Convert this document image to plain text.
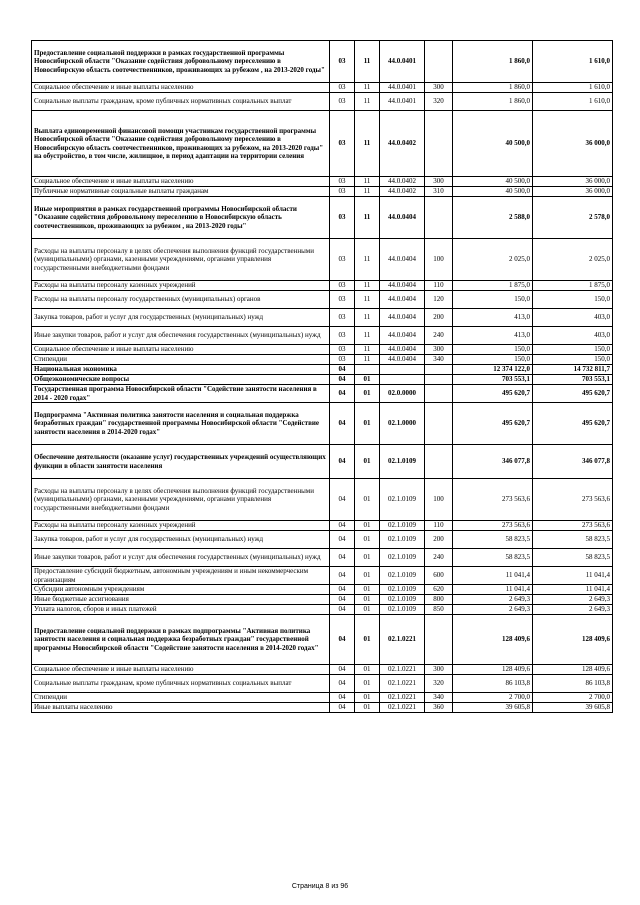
Предоставление социальной поддержки в рамках государственной программы Новосибирской области "Оказание содействия добровольному переселению в Новосибирскую область соотечественников, проживающих за рубежом , на 2013-2020 годы"	03	11	44.0.0401		1 860,0	1 610,0
Социальное обеспечение и иные выплаты населению	03	11	44.0.0401	300	1 860,0	1 610,0
Социальные выплаты гражданам, кроме публичных нормативных социальных выплат	03	11	44.0.0401	320	1 860,0	1 610,0
Выплата единовременной финансовой помощи участникам государственной программы Новосибирской области "Оказание содействия добровольному переселению в Новосибирскую область соотечественников, проживающих за рубежом, на 2013-2020 годы" на обустройство, в том числе, жилищное, в период адаптации на территории селения	03	11	44.0.0402		40 500,0	36 000,0
Социальное обеспечение и иные выплаты населению	03	11	44.0.0402	300	40 500,0	36 000,0
Публичные нормативные социальные выплаты гражданам	03	11	44.0.0402	310	40 500,0	36 000,0
Иные мероприятия в рамках государственной программы Новосибирской области "Оказание содействия добровольному переселению в Новосибирскую область соотечественников, проживающих за рубежом , на 2013-2020 годы"	03	11	44.0.0404		2 588,0	2 578,0
Расходы на выплаты персоналу в целях обеспечения выполнения функций государственными (муниципальными) органами, казенными учреждениями, органами управления государственными внебюджетными фондами	03	11	44.0.0404	100	2 025,0	2 025,0
Расходы на выплаты персоналу казенных учреждений	03	11	44.0.0404	110	1 875,0	1 875,0
Расходы на выплаты персоналу государственных (муниципальных) органов	03	11	44.0.0404	120	150,0	150,0
Закупка товаров, работ и услуг для государственных (муниципальных) нужд	03	11	44.0.0404	200	413,0	403,0
Иные закупки товаров, работ и услуг для обеспечения государственных (муниципальных) нужд	03	11	44.0.0404	240	413,0	403,0
Социальное обеспечение и иные выплаты населению	03	11	44.0.0404	300	150,0	150,0
Стипендии	03	11	44.0.0404	340	150,0	150,0
Национальная экономика	04				12 374 122,0	14 732 811,7
Общеэкономические вопросы	04	01			703 553,1	703 553,1
Государственная программа Новосибирской области "Содействие занятости населения в 2014 - 2020 годах"	04	01	02.0.0000		495 620,7	495 620,7
Подпрограмма "Активная политика занятости населения и социальная поддержка безработных граждан" государственной программы Новосибирской области "Содействие занятости населения в 2014-2020 годах"	04	01	02.1.0000		495 620,7	495 620,7
Обеспечение деятельности (оказание услуг) государственных учреждений осуществляющих функции в области занятости населения	04	01	02.1.0109		346 077,8	346 077,8
Расходы на выплаты персоналу в целях обеспечения выполнения функций государственными (муниципальными) органами, казенными учреждениями, органами управления государственными внебюджетными фондами	04	01	02.1.0109	100	273 563,6	273 563,6
Расходы на выплаты персоналу казенных учреждений	04	01	02.1.0109	110	273 563,6	273 563,6
Закупка товаров, работ и услуг для государственных (муниципальных) нужд	04	01	02.1.0109	200	58 823,5	58 823,5
Иные закупки товаров, работ и услуг для обеспечения государственных (муниципальных) нужд	04	01	02.1.0109	240	58 823,5	58 823,5
Предоставление субсидий бюджетным, автономным учреждениям и иным некоммерческим организациям	04	01	02.1.0109	600	11 041,4	11 041,4
Субсидии автономным учреждениям	04	01	02.1.0109	620	11 041,4	11 041,4
Иные бюджетные ассигнования	04	01	02.1.0109	800	2 649,3	2 649,3
Уплата налогов, сборов и иных платежей	04	01	02.1.0109	850	2 649,3	2 649,3
Предоставление социальной поддержки в рамках подпрограммы "Активная политика занятости населения и социальная поддержка безработных граждан" государственной программы Новосибирской области "Содействие занятости населения в 2014-2020 годах"	04	01	02.1.0221		128 409,6	128 409,6
Социальное обеспечение и иные выплаты населению	04	01	02.1.0221	300	128 409,6	128 409,6
Социальные выплаты гражданам, кроме публичных нормативных социальных выплат	04	01	02.1.0221	320	86 103,8	86 103,8
Стипендии	04	01	02.1.0221	340	2 700,0	2 700,0
Иные выплаты населению	04	01	02.1.0221	360	39 605,8	39 605,8
Страница 8 из 96
